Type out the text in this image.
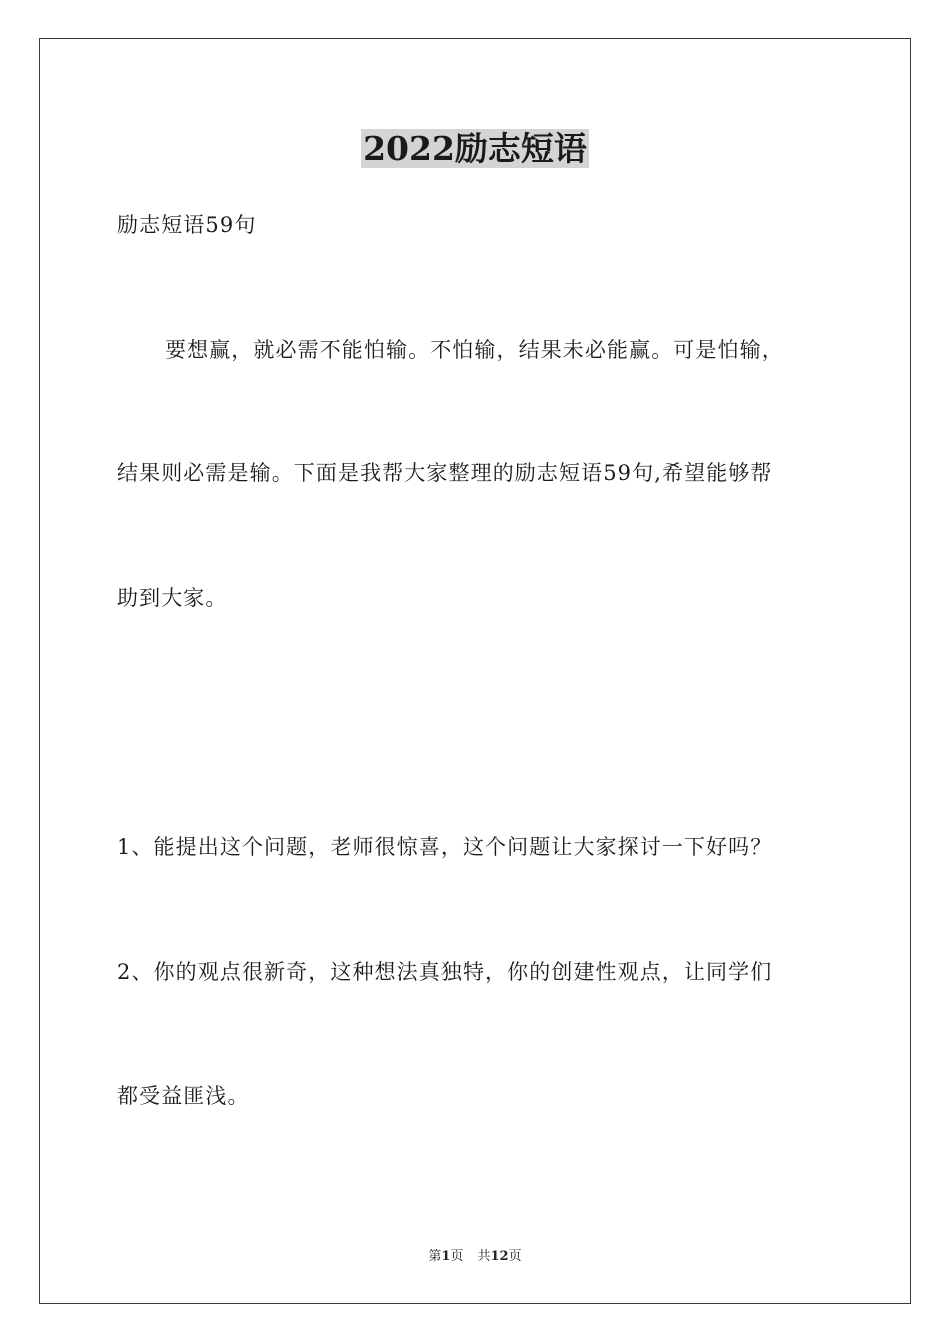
2022励志短语
励志短语59句
要想赢，就必需不能怕输。不怕输，结果未必能赢。可是怕输，
结果则必需是输。下面是我帮大家整理的励志短语59句,希望能够帮
助到大家。
1、能提出这个问题，老师很惊喜，这个问题让大家探讨一下好吗？
2、你的观点很新奇，这种想法真独特，你的创建性观点，让同学们
都受益匪浅。
第1页 共12页
